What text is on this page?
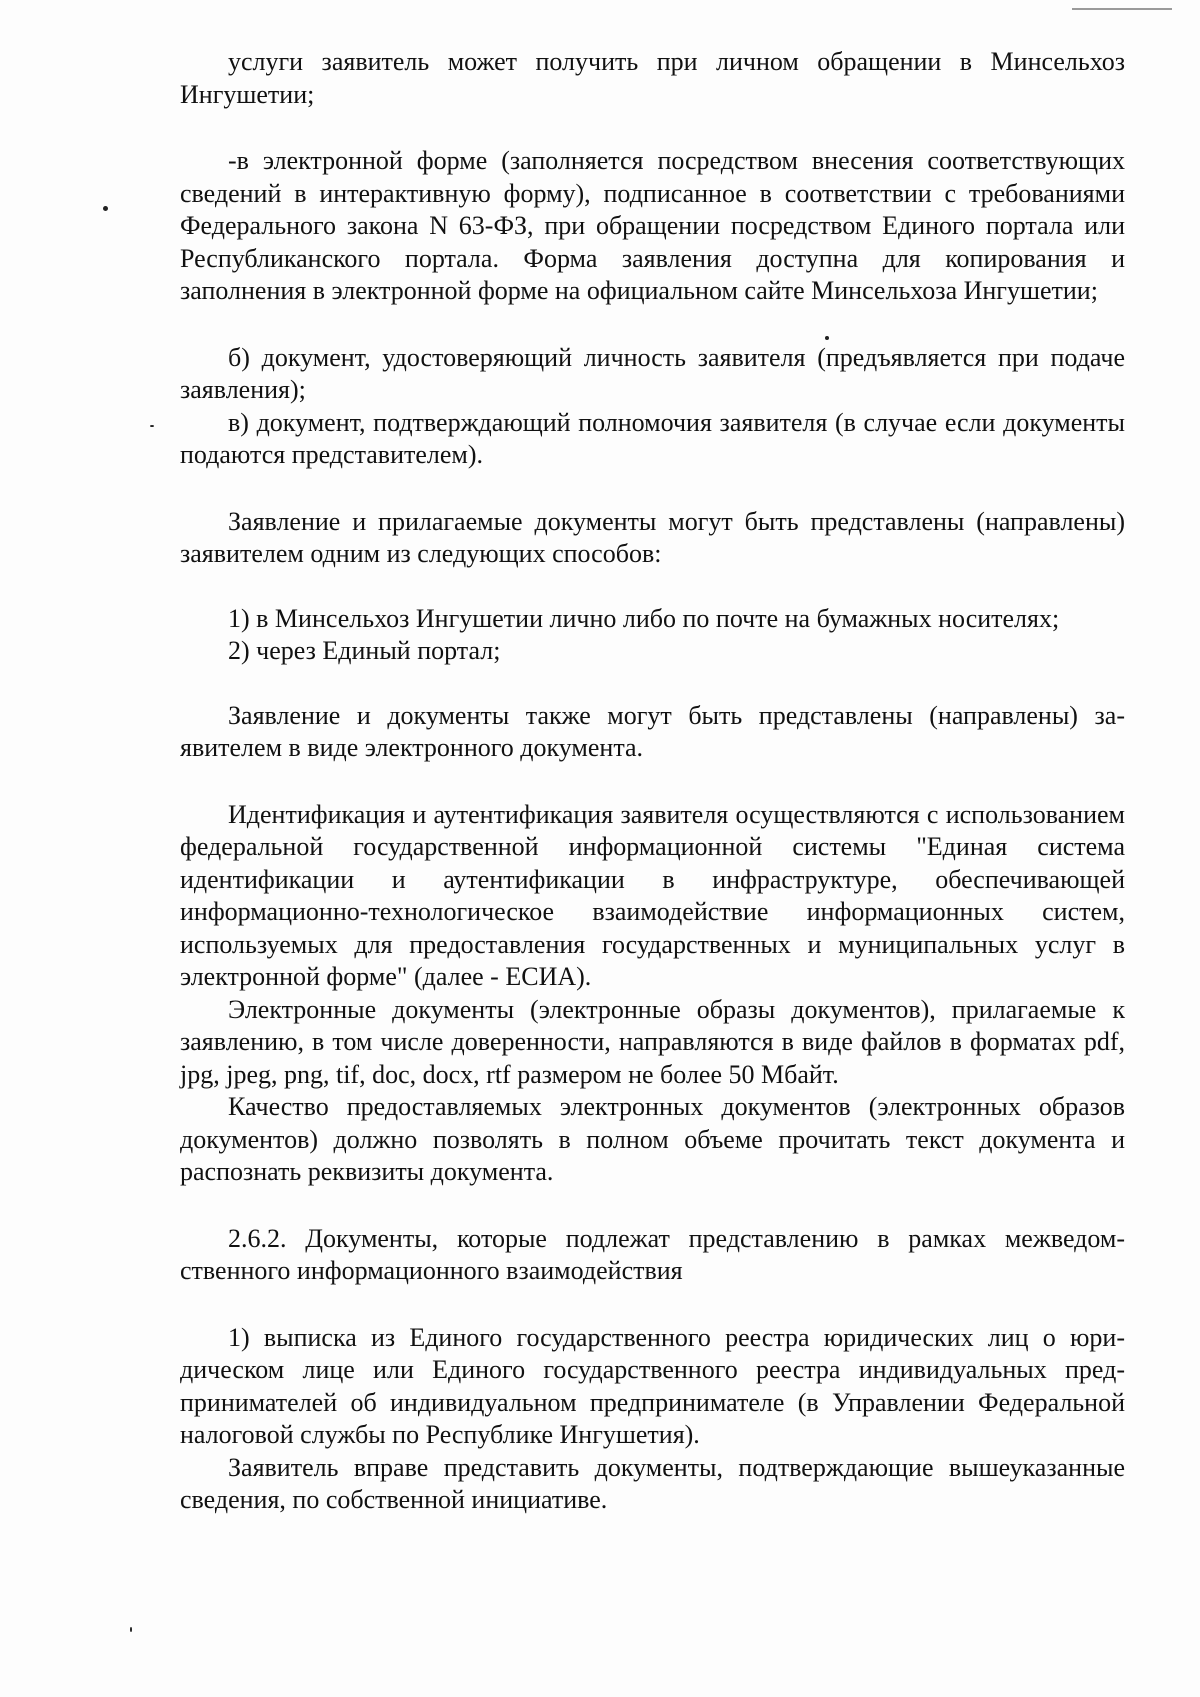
услуги заявитель может получить при личном обращении в Минсельхоз Ингушетии;

-в электронной форме (заполняется посредством внесения соответствующих сведений в интерактивную форму), подписанное в соответствии с требованиями Федерального закона N 63-ФЗ, при обращении посредством Единого портала или Республиканского портала. Форма заявления доступна для копирования и заполнения в электронной форме на официальном сайте Минсельхоза Ингушетии;

б) документ, удостоверяющий личность заявителя (предъявляется при подаче заявления);

в) документ, подтверждающий полномочия заявителя (в случае если документы подаются представителем).

Заявление и прилагаемые документы могут быть представлены (направлены) заявителем одним из следующих способов:

1) в Минсельхоз Ингушетии лично либо по почте на бумажных носителях;

2) через Единый портал;

Заявление и документы также могут быть представлены (направлены) заявителем в виде электронного документа.

Идентификация и аутентификация заявителя осуществляются с использованием федеральной государственной информационной системы "Единая система идентификации и аутентификации в инфраструктуре, обеспечивающей информационно-технологическое взаимодействие информационных систем, используемых для предоставления государственных и муниципальных услуг в электронной форме" (далее - ЕСИА).

Электронные документы (электронные образы документов), прилагаемые к заявлению, в том числе доверенности, направляются в виде файлов в форматах pdf, jpg, jpeg, png, tif, doc, docx, rtf размером не более 50 Мбайт.

Качество предоставляемых электронных документов (электронных образов документов) должно позволять в полном объеме прочитать текст документа и распознать реквизиты документа.

2.6.2. Документы, которые подлежат представлению в рамках межведомственного информационного взаимодействия

1) выписка из Единого государственного реестра юридических лиц о юридическом лице или Единого государственного реестра индивидуальных предпринимателей об индивидуальном предпринимателе (в Управлении Федеральной налоговой службы по Республике Ингушетия).

Заявитель вправе представить документы, подтверждающие вышеуказанные сведения, по собственной инициативе.
